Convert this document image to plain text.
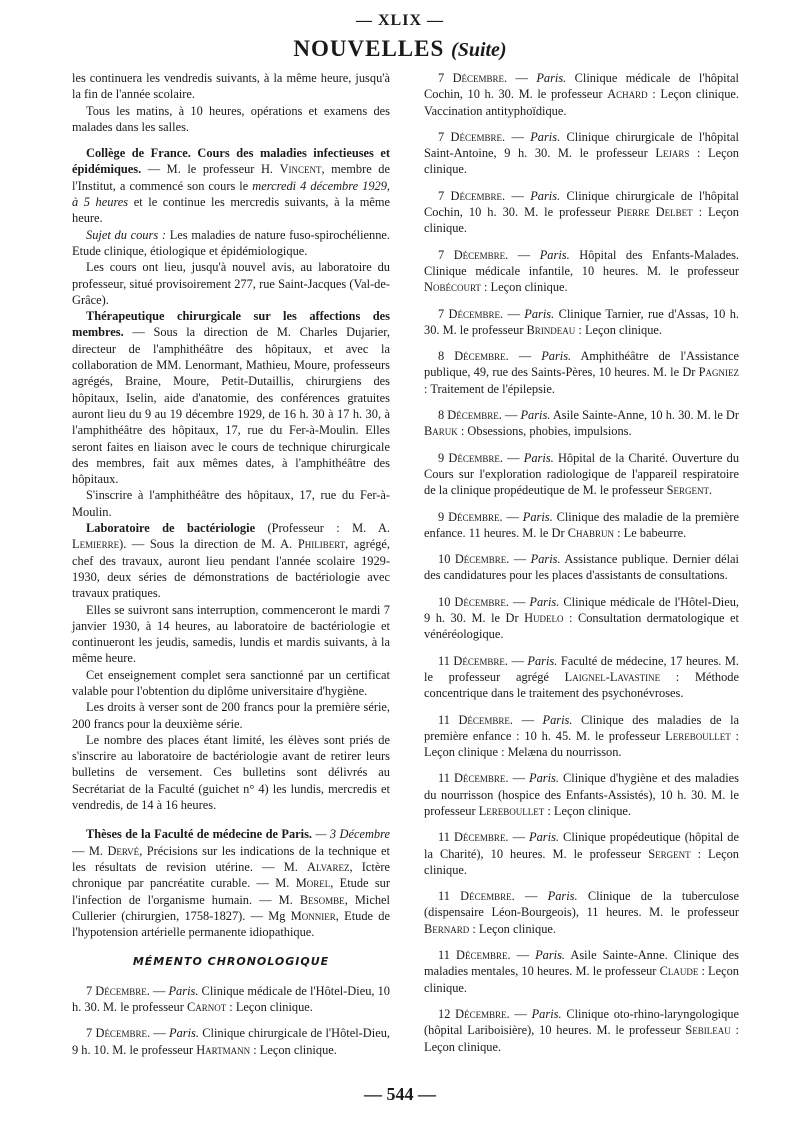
— XLIX —
NOUVELLES (Suite)

les continuera les vendredis suivants, à la même heure, jusqu'à la fin de l'année scolaire.

Tous les matins, à 10 heures, opérations et examens des malades dans les salles.

Collège de France. Cours des maladies infectieuses et épidémiques. — M. le professeur H. Vincent, membre de l'Institut, a commencé son cours le mercredi 4 décembre 1929, à 5 heures et le continue les mercredis suivants, à la même heure.

Sujet du cours : Les maladies de nature fuso-spirochélienne. Etude clinique, étiologique et épidémiologique.

Les cours ont lieu, jusqu'à nouvel avis, au laboratoire du professeur, situé provisoirement 277, rue Saint-Jacques (Val-de-Grâce).

Thérapeutique chirurgicale sur les affections des membres. — Sous la direction de M. Charles Dujarier, directeur de l'amphithéâtre des hôpitaux, et avec la collaboration de MM. Lenormant, Mathieu, Moure, professeurs agrégés, Braine, Moure, Petit-Dutaillis, chirurgiens des hôpitaux, Iselin, aide d'anatomie, des conférences gratuites auront lieu du 9 au 19 décembre 1929, de 16 h. 30 à 17 h. 30, à l'amphithéâtre des hôpitaux, 17, rue du Fer-à-Moulin. Elles seront faites en liaison avec le cours de technique chirurgicale des membres, fait aux mêmes dates, à l'amphithéâtre des hôpitaux.

S'inscrire à l'amphithéâtre des hôpitaux, 17, rue du Fer-à-Moulin.

Laboratoire de bactériologie (Professeur : M. A. Lemierre). — Sous la direction de M. A. Philibert, agrégé, chef des travaux, auront lieu pendant l'année scolaire 1929-1930, deux séries de démonstrations de bactériologie avec travaux pratiques.

Elles se suivront sans interruption, commenceront le mardi 7 janvier 1930, à 14 heures, au laboratoire de bactériologie et continueront les jeudis, samedis, lundis et mardis suivants, à la même heure.

Cet enseignement complet sera sanctionné par un certificat valable pour l'obtention du diplôme universitaire d'hygiène.

Les droits à verser sont de 200 francs pour la première série, 200 francs pour la deuxième série.

Le nombre des places étant limité, les élèves sont priés de s'inscrire au laboratoire de bactériologie avant de retirer leurs bulletins de versement. Ces bulletins sont délivrés au Secrétariat de la Faculté (guichet n° 4) les lundis, mercredis et vendredis, de 14 à 16 heures.

Thèses de la Faculté de médecine de Paris. — 3 Décembre — M. Dervé, Précisions sur les indications de la technique et les résultats de revision utérine. — M. Alvarez, Ictère chronique par pancréatite curable. — M. Morel, Etude sur l'infection de l'organisme humain. — M. Besombe, Michel Cullerier (chirurgien, 1758-1827). — Mg Monnier, Etude de l'hypotension artérielle permanente idiopathique.

MÉMENTO CHRONOLOGIQUE

7 Décembre. — Paris. Clinique médicale de l'Hôtel-Dieu, 10 h. 30. M. le professeur Carnot : Leçon clinique.

7 Décembre. — Paris. Clinique chirurgicale de l'Hôtel-Dieu, 9 h. 10. M. le professeur Hartmann : Leçon clinique.

7 Décembre. — Paris. Clinique médicale de l'hôpital Cochin, 10 h. 30. M. le professeur Achard : Leçon clinique. Vaccination antityphoïdique.

7 Décembre. — Paris. Clinique chirurgicale de l'hôpital Saint-Antoine, 9 h. 30. M. le professeur Lejars : Leçon clinique.

7 Décembre. — Paris. Clinique chirurgicale de l'hôpital Cochin, 10 h. 30. M. le professeur Pierre Delbet : Leçon clinique.

7 Décembre. — Paris. Hôpital des Enfants-Malades. Clinique médicale infantile, 10 heures. M. le professeur Nobécourt : Leçon clinique.

7 Décembre. — Paris. Clinique Tarnier, rue d'Assas, 10 h. 30. M. le professeur Brindeau : Leçon clinique.

8 Décembre. — Paris. Amphithéâtre de l'Assistance publique, 49, rue des Saints-Pères, 10 heures. M. le Dr Pagniez : Traitement de l'épilepsie.

8 Décembre. — Paris. Asile Sainte-Anne, 10 h. 30. M. le Dr Baruk : Obsessions, phobies, impulsions.

9 Décembre. — Paris. Hôpital de la Charité. Ouverture du Cours sur l'exploration radiologique de l'appareil respiratoire de la clinique propédeutique de M. le professeur Sergent.

9 Décembre. — Paris. Clinique des maladie de la première enfance. 11 heures. M. le Dr Chabrun : Le babeurre.

10 Décembre. — Paris. Assistance publique. Dernier délai des candidatures pour les places d'assistants de consultations.

10 Décembre. — Paris. Clinique médicale de l'Hôtel-Dieu, 9 h. 30. M. le Dr Hudelo : Consultation dermatologique et vénéréologique.

11 Décembre. — Paris. Faculté de médecine, 17 heures. M. le professeur agrégé Laignel-Lavastine : Méthode concentrique dans le traitement des psychonévroses.

11 Décembre. — Paris. Clinique des maladies de la première enfance : 10 h. 45. M. le professeur Lereboullet : Leçon clinique : Melæna du nourrisson.

11 Décembre. — Paris. Clinique d'hygiène et des maladies du nourrisson (hospice des Enfants-Assistés), 10 h. 30. M. le professeur Lereboullet : Leçon clinique.

11 Décembre. — Paris. Clinique propédeutique (hôpital de la Charité), 10 heures. M. le professeur Sergent : Leçon clinique.

11 Décembre. — Paris. Clinique de la tuberculose (dispensaire Léon-Bourgeois), 11 heures. M. le professeur Bernard : Leçon clinique.

11 Décembre. — Paris. Asile Sainte-Anne. Clinique des maladies mentales, 10 heures. M. le professeur Claude : Leçon clinique.

12 Décembre. — Paris. Clinique oto-rhino-laryngologique (hôpital Lariboisière), 10 heures. M. le professeur Sebileau : Leçon clinique.

— 544 —
